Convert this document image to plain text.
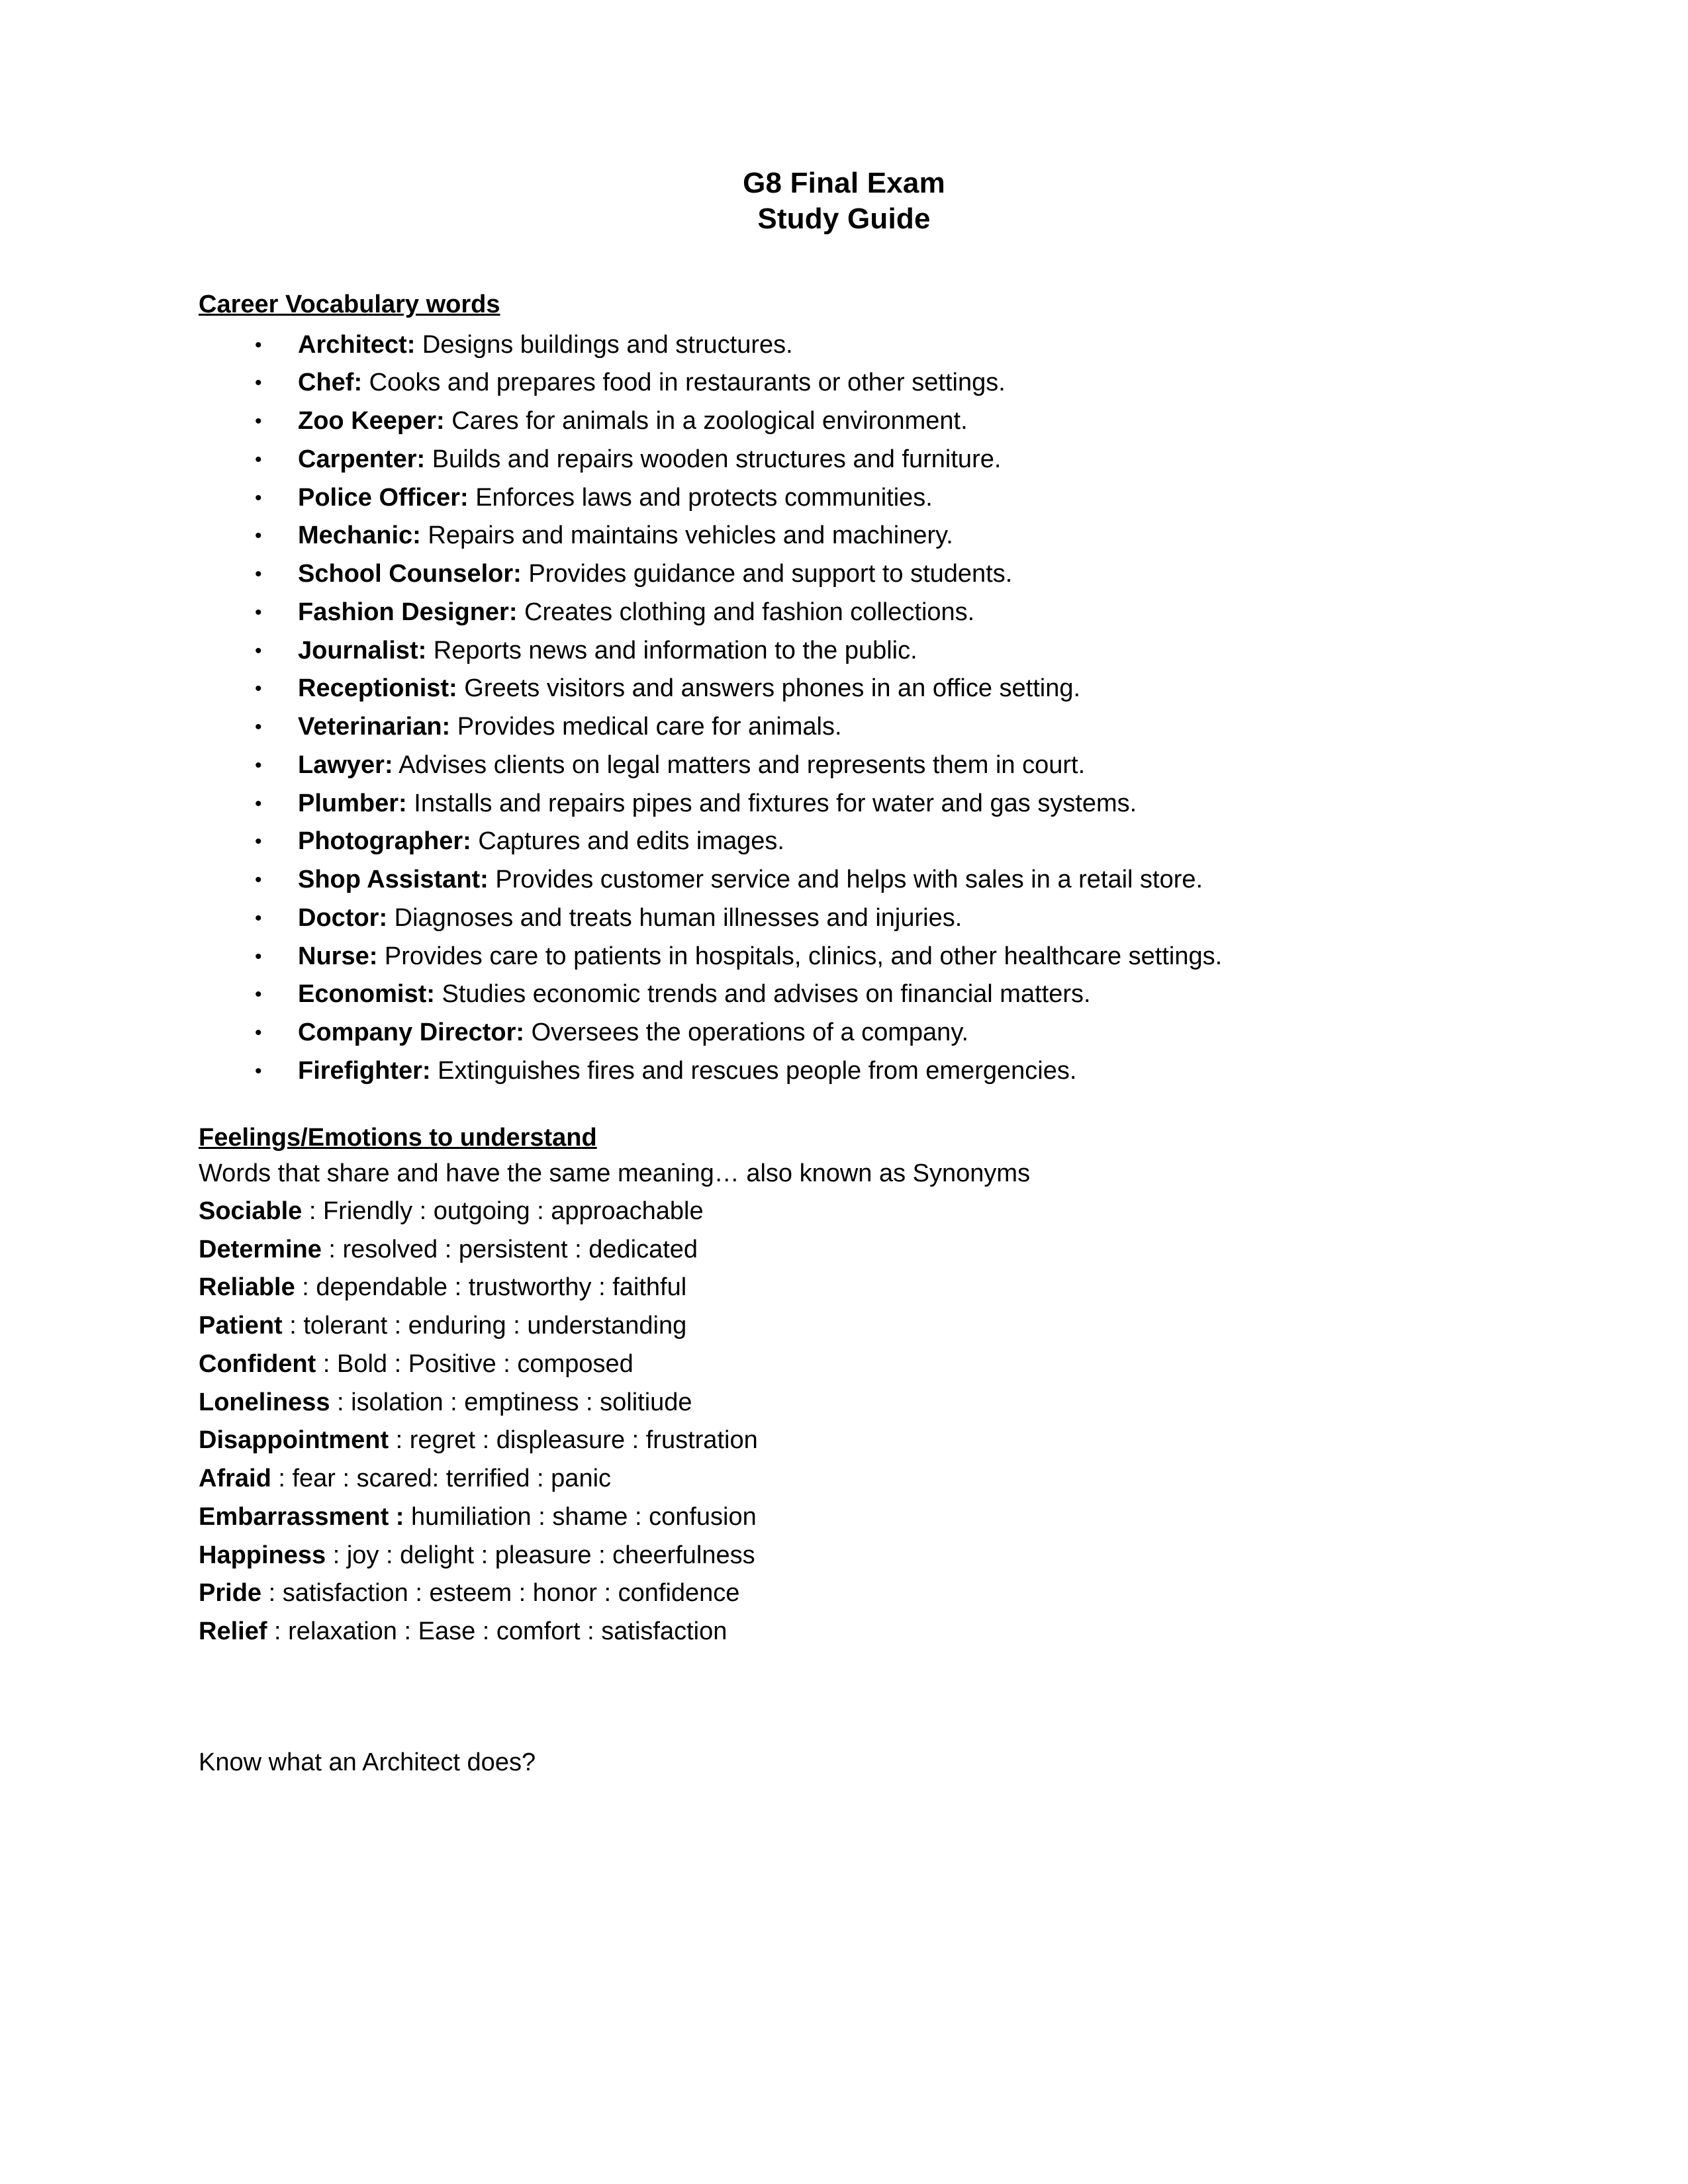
G8 Final Exam
Study Guide
Career Vocabulary words
• Architect: Designs buildings and structures.
• Chef: Cooks and prepares food in restaurants or other settings.
• Zoo Keeper: Cares for animals in a zoological environment.
• Carpenter: Builds and repairs wooden structures and furniture.
• Police Officer: Enforces laws and protects communities.
• Mechanic: Repairs and maintains vehicles and machinery.
• School Counselor: Provides guidance and support to students.
• Fashion Designer: Creates clothing and fashion collections.
• Journalist: Reports news and information to the public.
• Receptionist: Greets visitors and answers phones in an office setting.
• Veterinarian: Provides medical care for animals.
• Lawyer: Advises clients on legal matters and represents them in court.
• Plumber: Installs and repairs pipes and fixtures for water and gas systems.
• Photographer: Captures and edits images.
• Shop Assistant: Provides customer service and helps with sales in a retail store.
• Doctor: Diagnoses and treats human illnesses and injuries.
• Nurse: Provides care to patients in hospitals, clinics, and other healthcare settings.
• Economist: Studies economic trends and advises on financial matters.
• Company Director: Oversees the operations of a company.
• Firefighter: Extinguishes fires and rescues people from emergencies.
Feelings/Emotions to understand

Words that share and have the same meaning… also known as Synonyms

Sociable : Friendly : outgoing : approachable

Determine : resolved : persistent : dedicated

Reliable : dependable : trustworthy : faithful

Patient : tolerant : enduring : understanding

Confident : Bold : Positive : composed

Loneliness : isolation : emptiness : solitiude

Disappointment : regret : displeasure : frustration

Afraid : fear : scared: terrified : panic

Embarrassment : humiliation : shame : confusion

Happiness : joy : delight : pleasure : cheerfulness

Pride : satisfaction : esteem : honor : confidence

Relief : relaxation : Ease : comfort : satisfaction

Know what an Architect does?
